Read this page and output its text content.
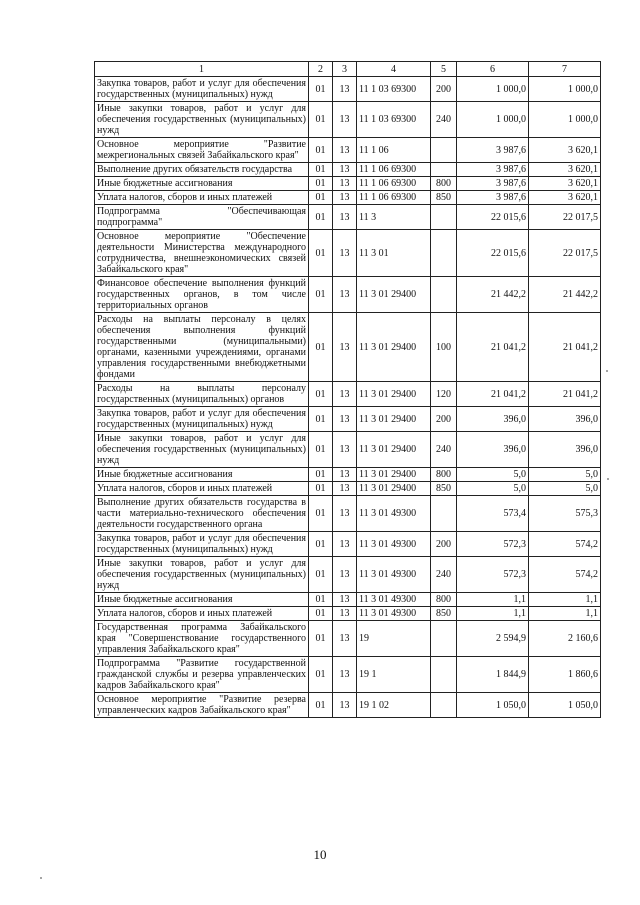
1	2	3	4	5	6	7
Закупка товаров, работ и услуг для обеспечения государственных (муниципальных) нужд	01	13	11 1 03 69300	200	1 000,0	1 000,0
Иные закупки товаров, работ и услуг для обеспечения государственных (муниципальных) нужд	01	13	11 1 03 69300	240	1 000,0	1 000,0
Основное мероприятие "Развитие межрегиональных связей Забайкальского края"	01	13	11 1 06		3 987,6	3 620,1
Выполнение других обязательств государства	01	13	11 1 06 69300		3 987,6	3 620,1
Иные бюджетные ассигнования	01	13	11 1 06 69300	800	3 987,6	3 620,1
Уплата налогов, сборов и иных платежей	01	13	11 1 06 69300	850	3 987,6	3 620,1
Подпрограмма "Обеспечивающая подпрограмма"	01	13	11 3		22 015,6	22 017,5
Основное мероприятие "Обеспечение деятельности Министерства международного сотрудничества, внешнеэкономических связей Забайкальского края"	01	13	11 3 01		22 015,6	22 017,5
Финансовое обеспечение выполнения функций государственных органов, в том числе территориальных органов	01	13	11 3 01 29400		21 442,2	21 442,2
Расходы на выплаты персоналу в целях обеспечения выполнения функций государственными (муниципальными) органами, казенными учреждениями, органами управления государственными внебюджетными фондами	01	13	11 3 01 29400	100	21 041,2	21 041,2
Расходы на выплаты персоналу государственных (муниципальных) органов	01	13	11 3 01 29400	120	21 041,2	21 041,2
Закупка товаров, работ и услуг для обеспечения государственных (муниципальных) нужд	01	13	11 3 01 29400	200	396,0	396,0
Иные закупки товаров, работ и услуг для обеспечения государственных (муниципальных) нужд	01	13	11 3 01 29400	240	396,0	396,0
Иные бюджетные ассигнования	01	13	11 3 01 29400	800	5,0	5,0
Уплата налогов, сборов и иных платежей	01	13	11 3 01 29400	850	5,0	5,0
Выполнение других обязательств государства в части материально-технического обеспечения деятельности государственного органа	01	13	11 3 01 49300		573,4	575,3
Закупка товаров, работ и услуг для обеспечения государственных (муниципальных) нужд	01	13	11 3 01 49300	200	572,3	574,2
Иные закупки товаров, работ и услуг для обеспечения государственных (муниципальных) нужд	01	13	11 3 01 49300	240	572,3	574,2
Иные бюджетные ассигнования	01	13	11 3 01 49300	800	1,1	1,1
Уплата налогов, сборов и иных платежей	01	13	11 3 01 49300	850	1,1	1,1
Государственная программа Забайкальского края "Совершенствование государственного управления Забайкальского края"	01	13	19		2 594,9	2 160,6
Подпрограмма "Развитие государственной гражданской службы и резерва управленческих кадров Забайкальского края"	01	13	19 1		1 844,9	1 860,6
Основное мероприятие "Развитие резерва управленческих кадров Забайкальского края"	01	13	19 1 02		1 050,0	1 050,0
10
